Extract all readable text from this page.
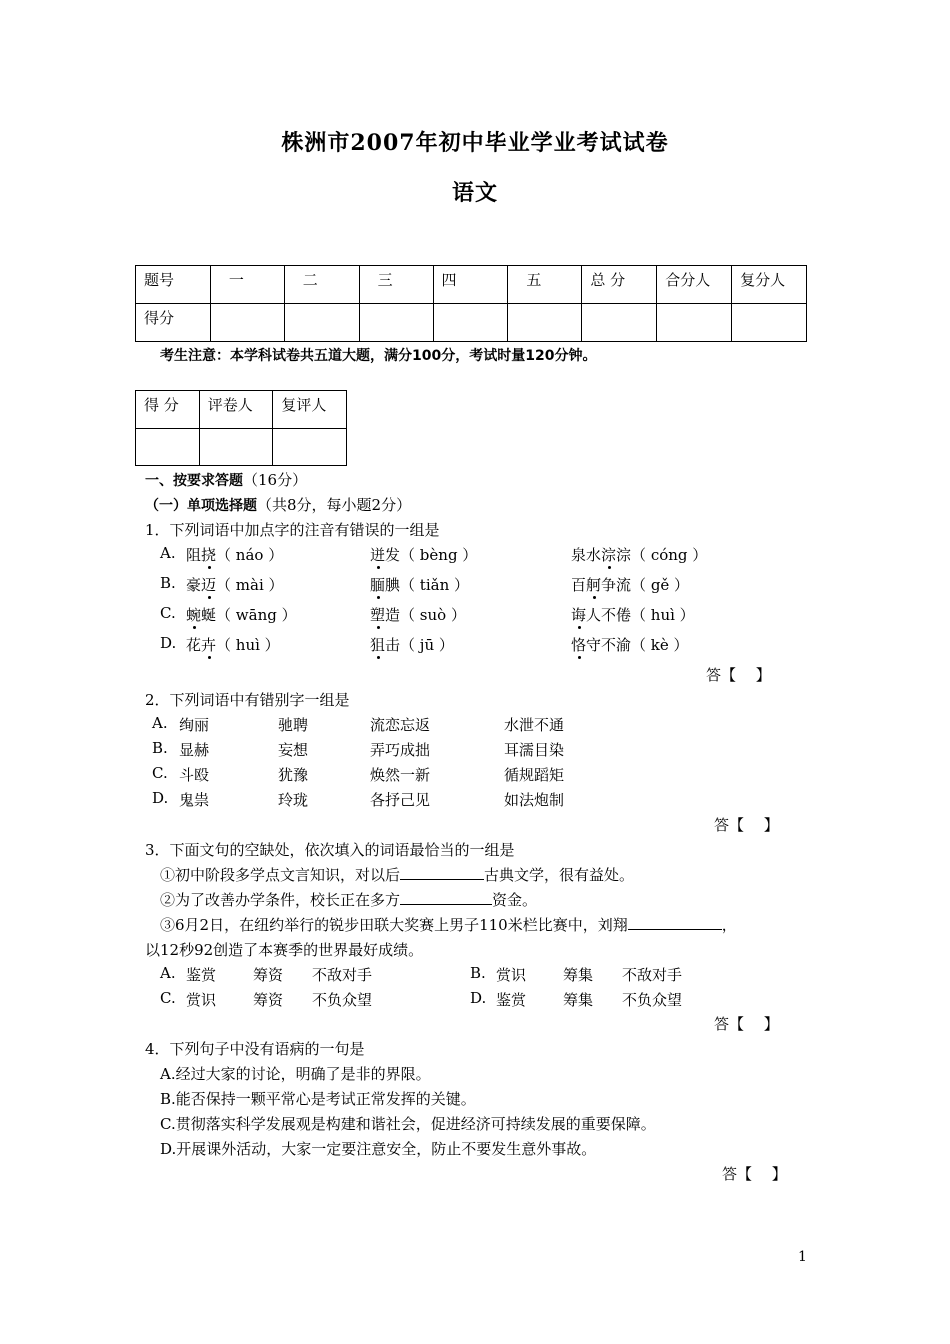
株洲市2007年初中毕业学业考试试卷
语文
题号	一	二	三	四	五	总 分	合分人	复分人
得分								
考生注意：本学科试卷共五道大题，满分100分，考试时量120分钟。
得 分	评卷人	复评人

一、按要求答题（16分）
（一）单项选择题（共8分，每小题2分）
1．下列词语中加点字的注音有错误的一组是
A. 阻挠（ náo ）	迸发（ bèng ）	泉水淙淙（ cóng ）
B. 豪迈（ mài ）	腼腆（ tiǎn ）	百舸争流（ gě ）
C. 蜿蜒（ wāng ）	塑造（ suò ）	诲人不倦（ huì ）
D. 花卉（ huì ）	狙击（ jū ）	恪守不渝（ kè ）
答【　 】
2．下列词语中有错别字一组是
A. 绚丽	驰聘	流恋忘返	水泄不通
B. 显赫	妄想	弄巧成拙	耳濡目染
C. 斗殴	犹豫	焕然一新	循规蹈矩
D. 鬼祟	玲珑	各抒己见	如法炮制
答【　 】
3．下面文句的空缺处，依次填入的词语最恰当的一组是
①初中阶段多学点文言知识，对以后	古典文学，很有益处。
②为了改善办学条件，校长正在多方	资金。
③6月2日，在纽约举行的锐步田联大奖赛上男子110米栏比赛中，刘翔	，
以12秒92创造了本赛季的世界最好成绩。
A. 鉴赏 筹资 不敌对手	B. 赏识 筹集 不敌对手
C. 赏识 筹资 不负众望	D. 鉴赏 筹集 不负众望
答【　 】
4．下列句子中没有语病的一句是
A.经过大家的讨论，明确了是非的界限。
B.能否保持一颗平常心是考试正常发挥的关键。
C.贯彻落实科学发展观是构建和谐社会，促进经济可持续发展的重要保障。
D.开展课外活动，大家一定要注意安全，防止不要发生意外事故。
答【　 】
1
